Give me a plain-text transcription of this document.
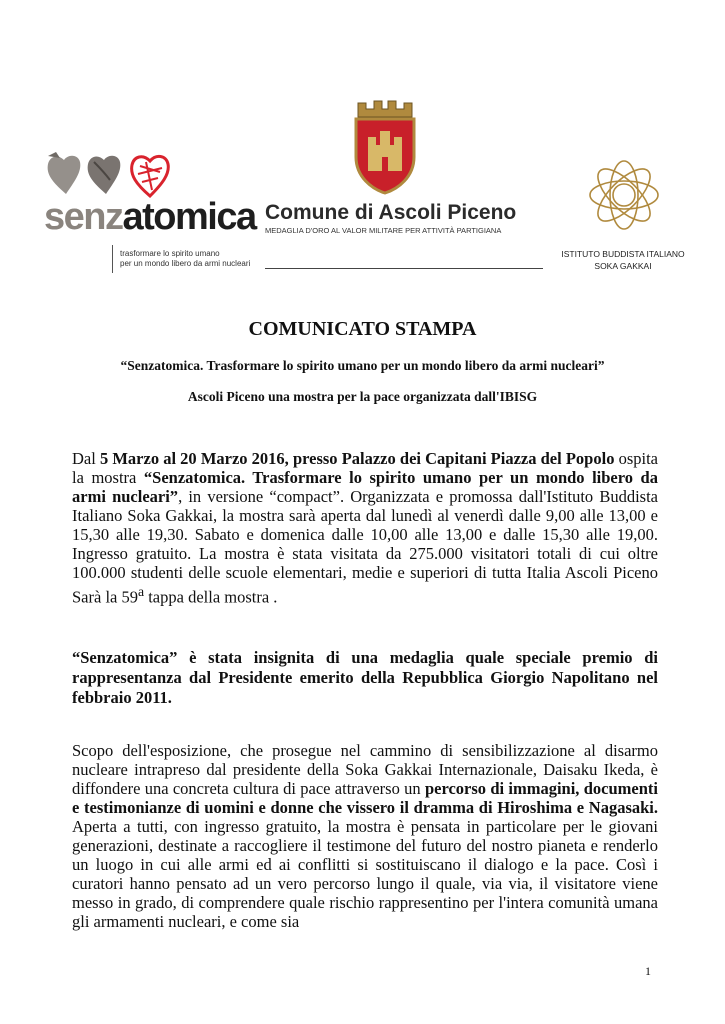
senzatomica
trasformare lo spirito umano
per un mondo libero da armi nucleari
Comune di Ascoli Piceno
MEDAGLIA D'ORO AL VALOR MILITARE PER ATTIVITÀ PARTIGIANA
ISTITUTO BUDDISTA ITALIANO
SOKA GAKKAI
COMUNICATO STAMPA
“Senzatomica. Trasformare lo spirito umano per un mondo libero da armi nucleari”
Ascoli Piceno una mostra per la pace organizzata dall'IBISG
Dal 5 Marzo al 20 Marzo 2016, presso Palazzo dei Capitani Piazza del Popolo ospita la mostra “Senzatomica. Trasformare lo spirito umano per un mondo libero da armi nucleari”, in versione “compact”. Organizzata e promossa dall'Istituto Buddista Italiano Soka Gakkai, la mostra sarà aperta dal lunedì al venerdì dalle 9,00 alle 13,00 e 15,30 alle 19,30. Sabato e domenica dalle 10,00 alle 13,00 e dalle 15,30 alle 19,00. Ingresso gratuito. La mostra è stata visitata da 275.000 visitatori totali di cui oltre 100.000 studenti delle scuole elementari, medie e superiori di tutta Italia Ascoli Piceno Sarà la 59$^a$ tappa della mostra .
“Senzatomica” è stata insignita di una medaglia quale speciale premio di rappresentanza dal Presidente emerito della Repubblica Giorgio Napolitano nel febbraio 2011.
Scopo dell'esposizione, che prosegue nel cammino di sensibilizzazione al disarmo nucleare intrapreso dal presidente della Soka Gakkai Internazionale, Daisaku Ikeda, è diffondere una concreta cultura di pace attraverso un percorso di immagini, documenti e testimonianze di uomini e donne che vissero il dramma di Hiroshima e Nagasaki. Aperta a tutti, con ingresso gratuito, la mostra è pensata in particolare per le giovani generazioni, destinate a raccogliere il testimone del futuro del nostro pianeta e renderlo un luogo in cui alle armi ed ai conflitti si sostituiscano il dialogo e la pace. Così i curatori hanno pensato ad un vero percorso lungo il quale, via via, il visitatore viene messo in grado, di comprendere quale rischio rappresentino per l'intera comunità umana gli armamenti nucleari, e come sia
1
